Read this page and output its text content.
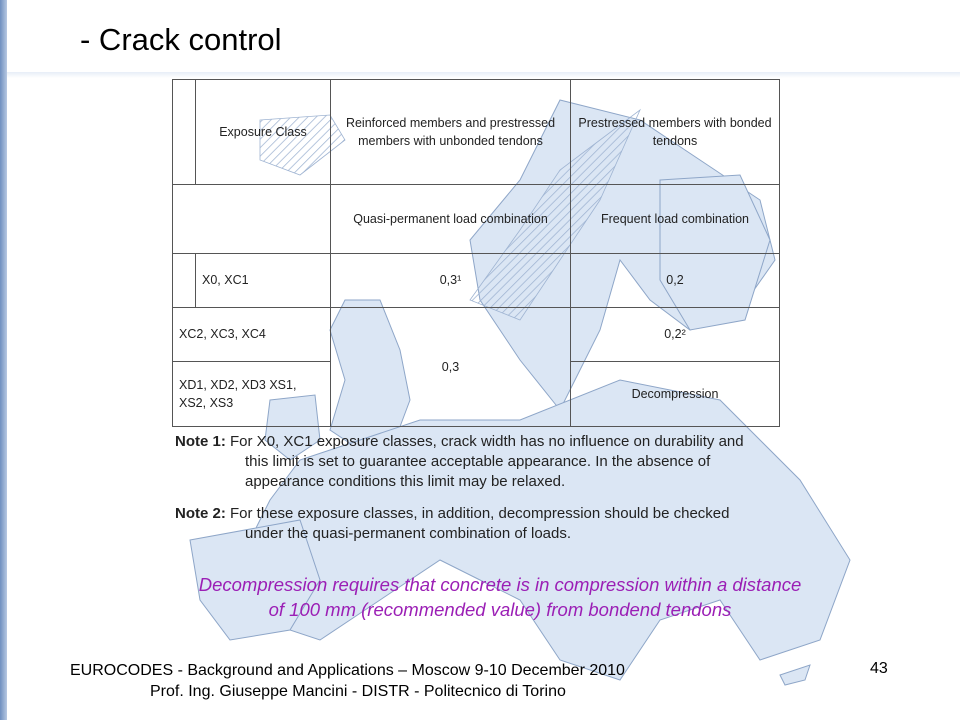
- Crack control
	Exposure Class	Reinforced members and prestressed members with unbonded tendons	Prestressed members with bonded tendons
		Quasi-permanent load combination	Frequent load combination
	X0, XC1	0,3¹	0,2
XC2, XC3, XC4		0,3	0,2²
XD1, XD2, XD3 XS1, XS2, XS3			Decompression
Note 1: For X0, XC1 exposure classes, crack width has no influence on durability and
this limit is set to guarantee acceptable appearance. In the absence of
appearance conditions this limit may be relaxed.
Note 2: For these exposure classes, in addition, decompression should be checked
under the quasi-permanent combination of loads.
Decompression requires that concrete is in compression within a distance
of 100 mm (recommended value) from bondend tendons
EUROCODES - Background and Applications – Moscow 9-10 December 2010
Prof. Ing. Giuseppe Mancini - DISTR - Politecnico di Torino
43
